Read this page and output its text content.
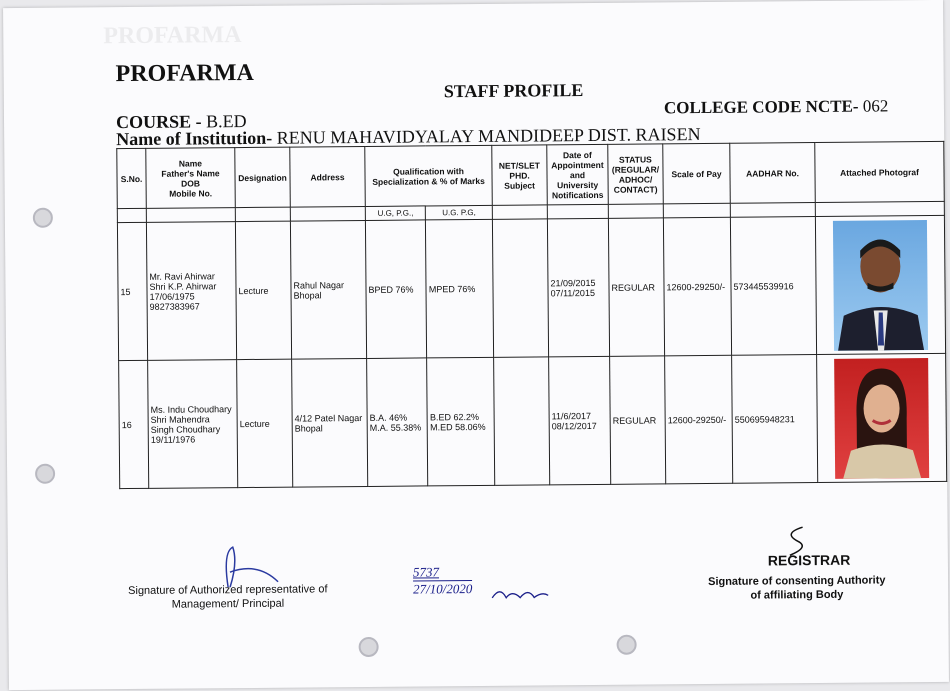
PROFARMA
PROFARMA
STAFF PROFILE
COURSE - B.ED
COLLEGE CODE NCTE- 062
Name of Institution- RENU MAHAVIDYALAY MANDIDEEP DIST. RAISEN
S.No.	Name
Father's Name
DOB
Mobile No.	Designation	Address	Qualification with Specialization & % of Marks		NET/SLET PHD. Subject	Date of Appointment and University Notifications	STATUS (REGULAR/ ADHOC/ CONTACT)	Scale of Pay	AADHAR No.	Attached Photograf
				U.G, P.G.,	U.G. P.G,						
15	Mr. Ravi Ahirwar Shri K.P. Ahirwar 17/06/1975 9827383967	Lecture	Rahul Nagar Bhopal	BPED 76%	MPED 76%		21/09/2015 07/11/2015	REGULAR	12600-29250/-	573445539916	

16	Ms. Indu Choudhary Shri Mahendra Singh Choudhary 19/11/1976	Lecture	4/12 Patel Nagar Bhopal	B.A. 46% M.A. 55.38%	B.ED 62.2% M.ED 58.06%		11/6/2017 08/12/2017	REGULAR	12600-29250/-	550695948231	
Signature of Authorized representative of
Management/ Principal
5737
27/10/2020
REGISTRAR
Signature of consenting Authority
of affiliating Body
